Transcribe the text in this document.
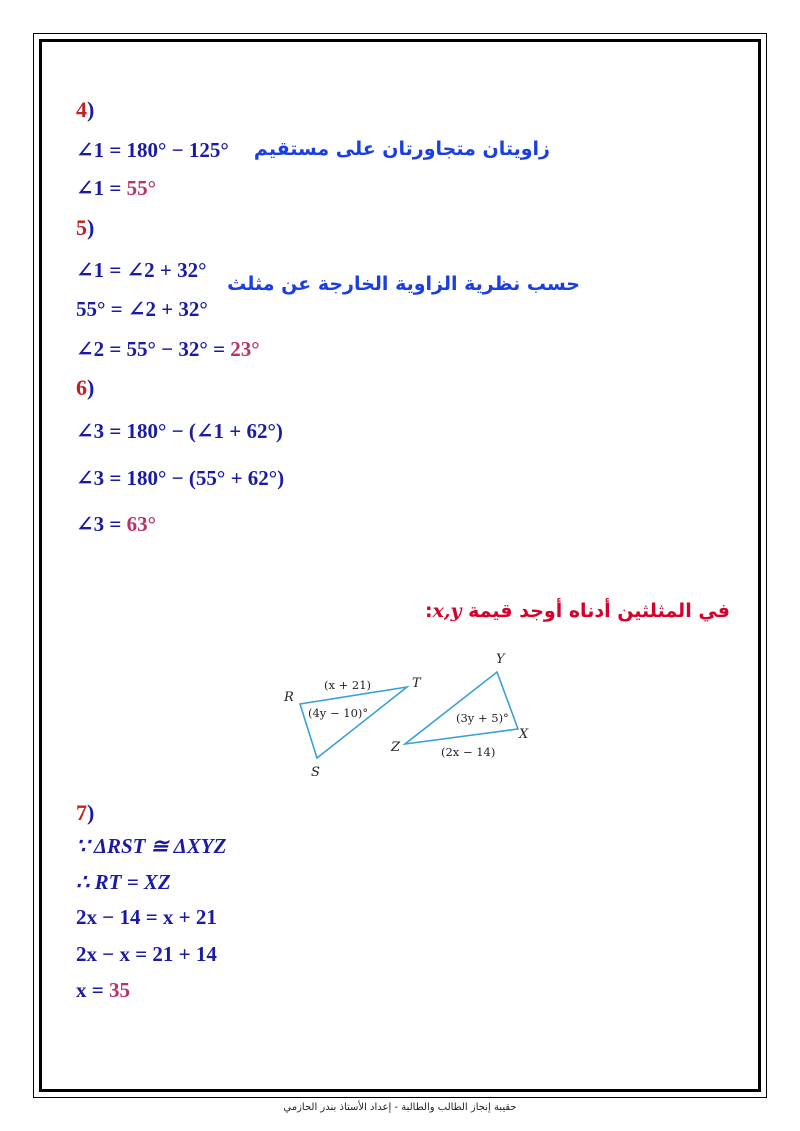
4)
∠1 = 180° − 125° زاويتان متجاورتان على مستقيم
∠1 = 55°
5)
∠1 = ∠2 + 32°
حسب نظرية الزاوية الخارجة عن مثلث
55° = ∠2 + 32°
∠2 = 55° − 32° = 23°
6)
∠3 = 180° − (∠1 + 62°)
∠3 = 180° − (55° + 62°)
∠3 = 63°
في المثلثين أدناه أوجد قيمة x,y:
R
T
S
Y
X
Z
(x + 21)
(4y − 10)°	(3y + 5)°
(2x − 14)
7)
∵ ΔRST ≅ ΔXYZ
∴ RT = XZ
2x − 14 = x + 21
2x − x = 21 + 14
x = 35
حقيبة إنجاز الطالب والطالبة - إعداد الأستاذ بندر الحازمي
